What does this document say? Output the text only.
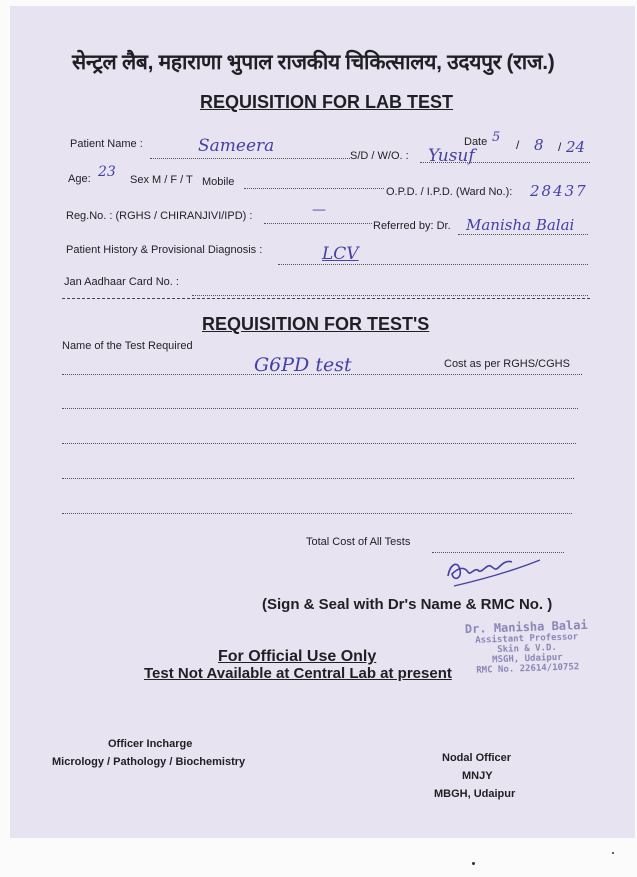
सेन्ट्रल लैब, महाराणा भुपाल राजकीय चिकित्सालय, उदयपुर (राज.)
REQUISITION FOR LAB TEST
Patient Name :	Sameera	S/D / W/O. : Yusuf
Date 5 / 8 / 24
Age: 23 Sex M / F / T Mobile
O.P.D. / I.P.D. (Ward No.): 28437
Reg.No. : (RGHS / CHIRANJIVI/IPD) :	—
Referred by: Dr. Manisha Balai
Patient History & Provisional Diagnosis :	LCV
Jan Aadhaar Card No. :
REQUISITION FOR TEST'S
Name of the Test Required
Cost as per RGHS/CGHS
G6PD test
Total Cost of All Tests
(Sign & Seal with Dr's Name & RMC No. )
Dr. Manisha Balai
Assistant Professor
Skin & V.D.
MSGH, Udaipur
RMC No. 22614/10752
For Official Use Only
Test Not Available at Central Lab at present
Officer Incharge
Micrology / Pathology / Biochemistry	Nodal Officer
MNJY
MBGH, Udaipur
